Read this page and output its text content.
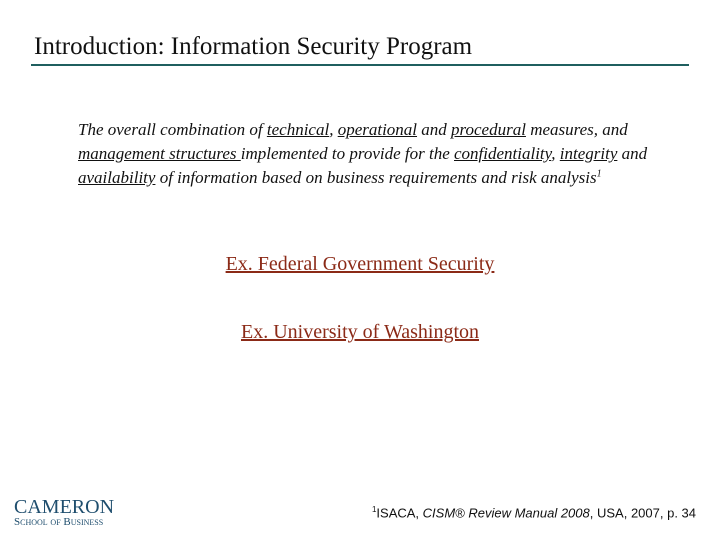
Introduction: Information Security Program
The overall combination of technical, operational and procedural measures, and management structures implemented to provide for the confidentiality, integrity and availability of information based on business requirements and risk analysis$^1$
Ex. Federal Government Security
Ex. University of Washington
CAMERON
School of Business
$^1$ISACA, CISM® Review Manual 2008, USA, 2007, p. 34
